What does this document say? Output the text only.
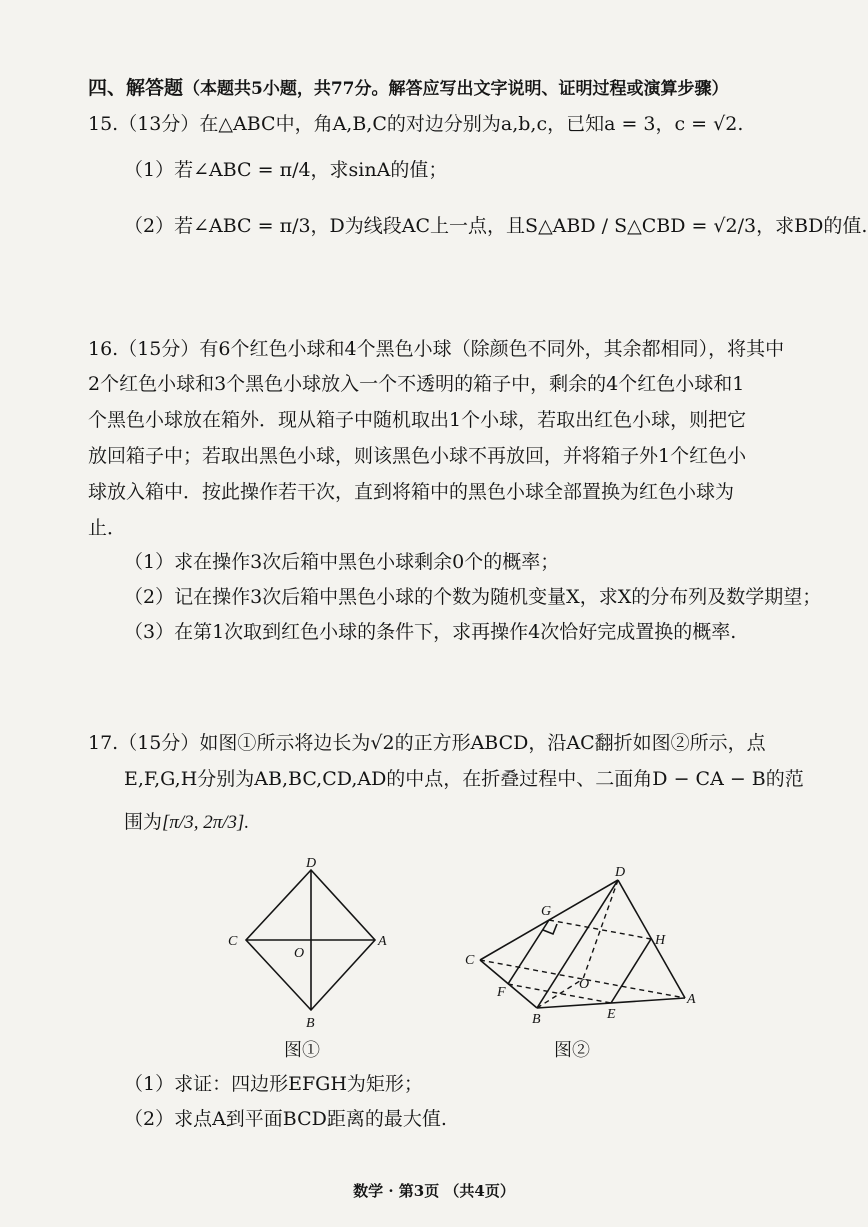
四、解答题（本题共5小题，共77分。解答应写出文字说明、证明过程或演算步骤）
15.（13分）在△ABC中，角A,B,C的对边分别为a,b,c，已知a = 3，c = √2.
（1）若∠ABC = π/4，求sinA的值；
（2）若∠ABC = π/3，D为线段AC上一点，且S△ABD / S△CBD = √2/3，求BD的值.
16.（15分）有6个红色小球和4个黑色小球（除颜色不同外，其余都相同），将其中
2个红色小球和3个黑色小球放入一个不透明的箱子中，剩余的4个红色小球和1
个黑色小球放在箱外．现从箱子中随机取出1个小球，若取出红色小球，则把它
放回箱子中；若取出黑色小球，则该黑色小球不再放回，并将箱子外1个红色小
球放入箱中．按此操作若干次，直到将箱中的黑色小球全部置换为红色小球为
止．
（1）求在操作3次后箱中黑色小球剩余0个的概率；
（2）记在操作3次后箱中黑色小球的个数为随机变量X，求X的分布列及数学期望；
（3）在第1次取到红色小球的条件下，求再操作4次恰好完成置换的概率.
17.（15分）如图①所示将边长为√2的正方形ABCD，沿AC翻折如图②所示，点
E,F,G,H分别为AB,BC,CD,AD的中点，在折叠过程中、二面角D − CA − B的范
围为[π/3, 2π/3].
D
C
O
A
B
图①
D
G
H
C
F
O
B	E
A
图②
（1）求证：四边形EFGH为矩形；
（2）求点A到平面BCD距离的最大值.
数学 · 第3页 （共4页）
